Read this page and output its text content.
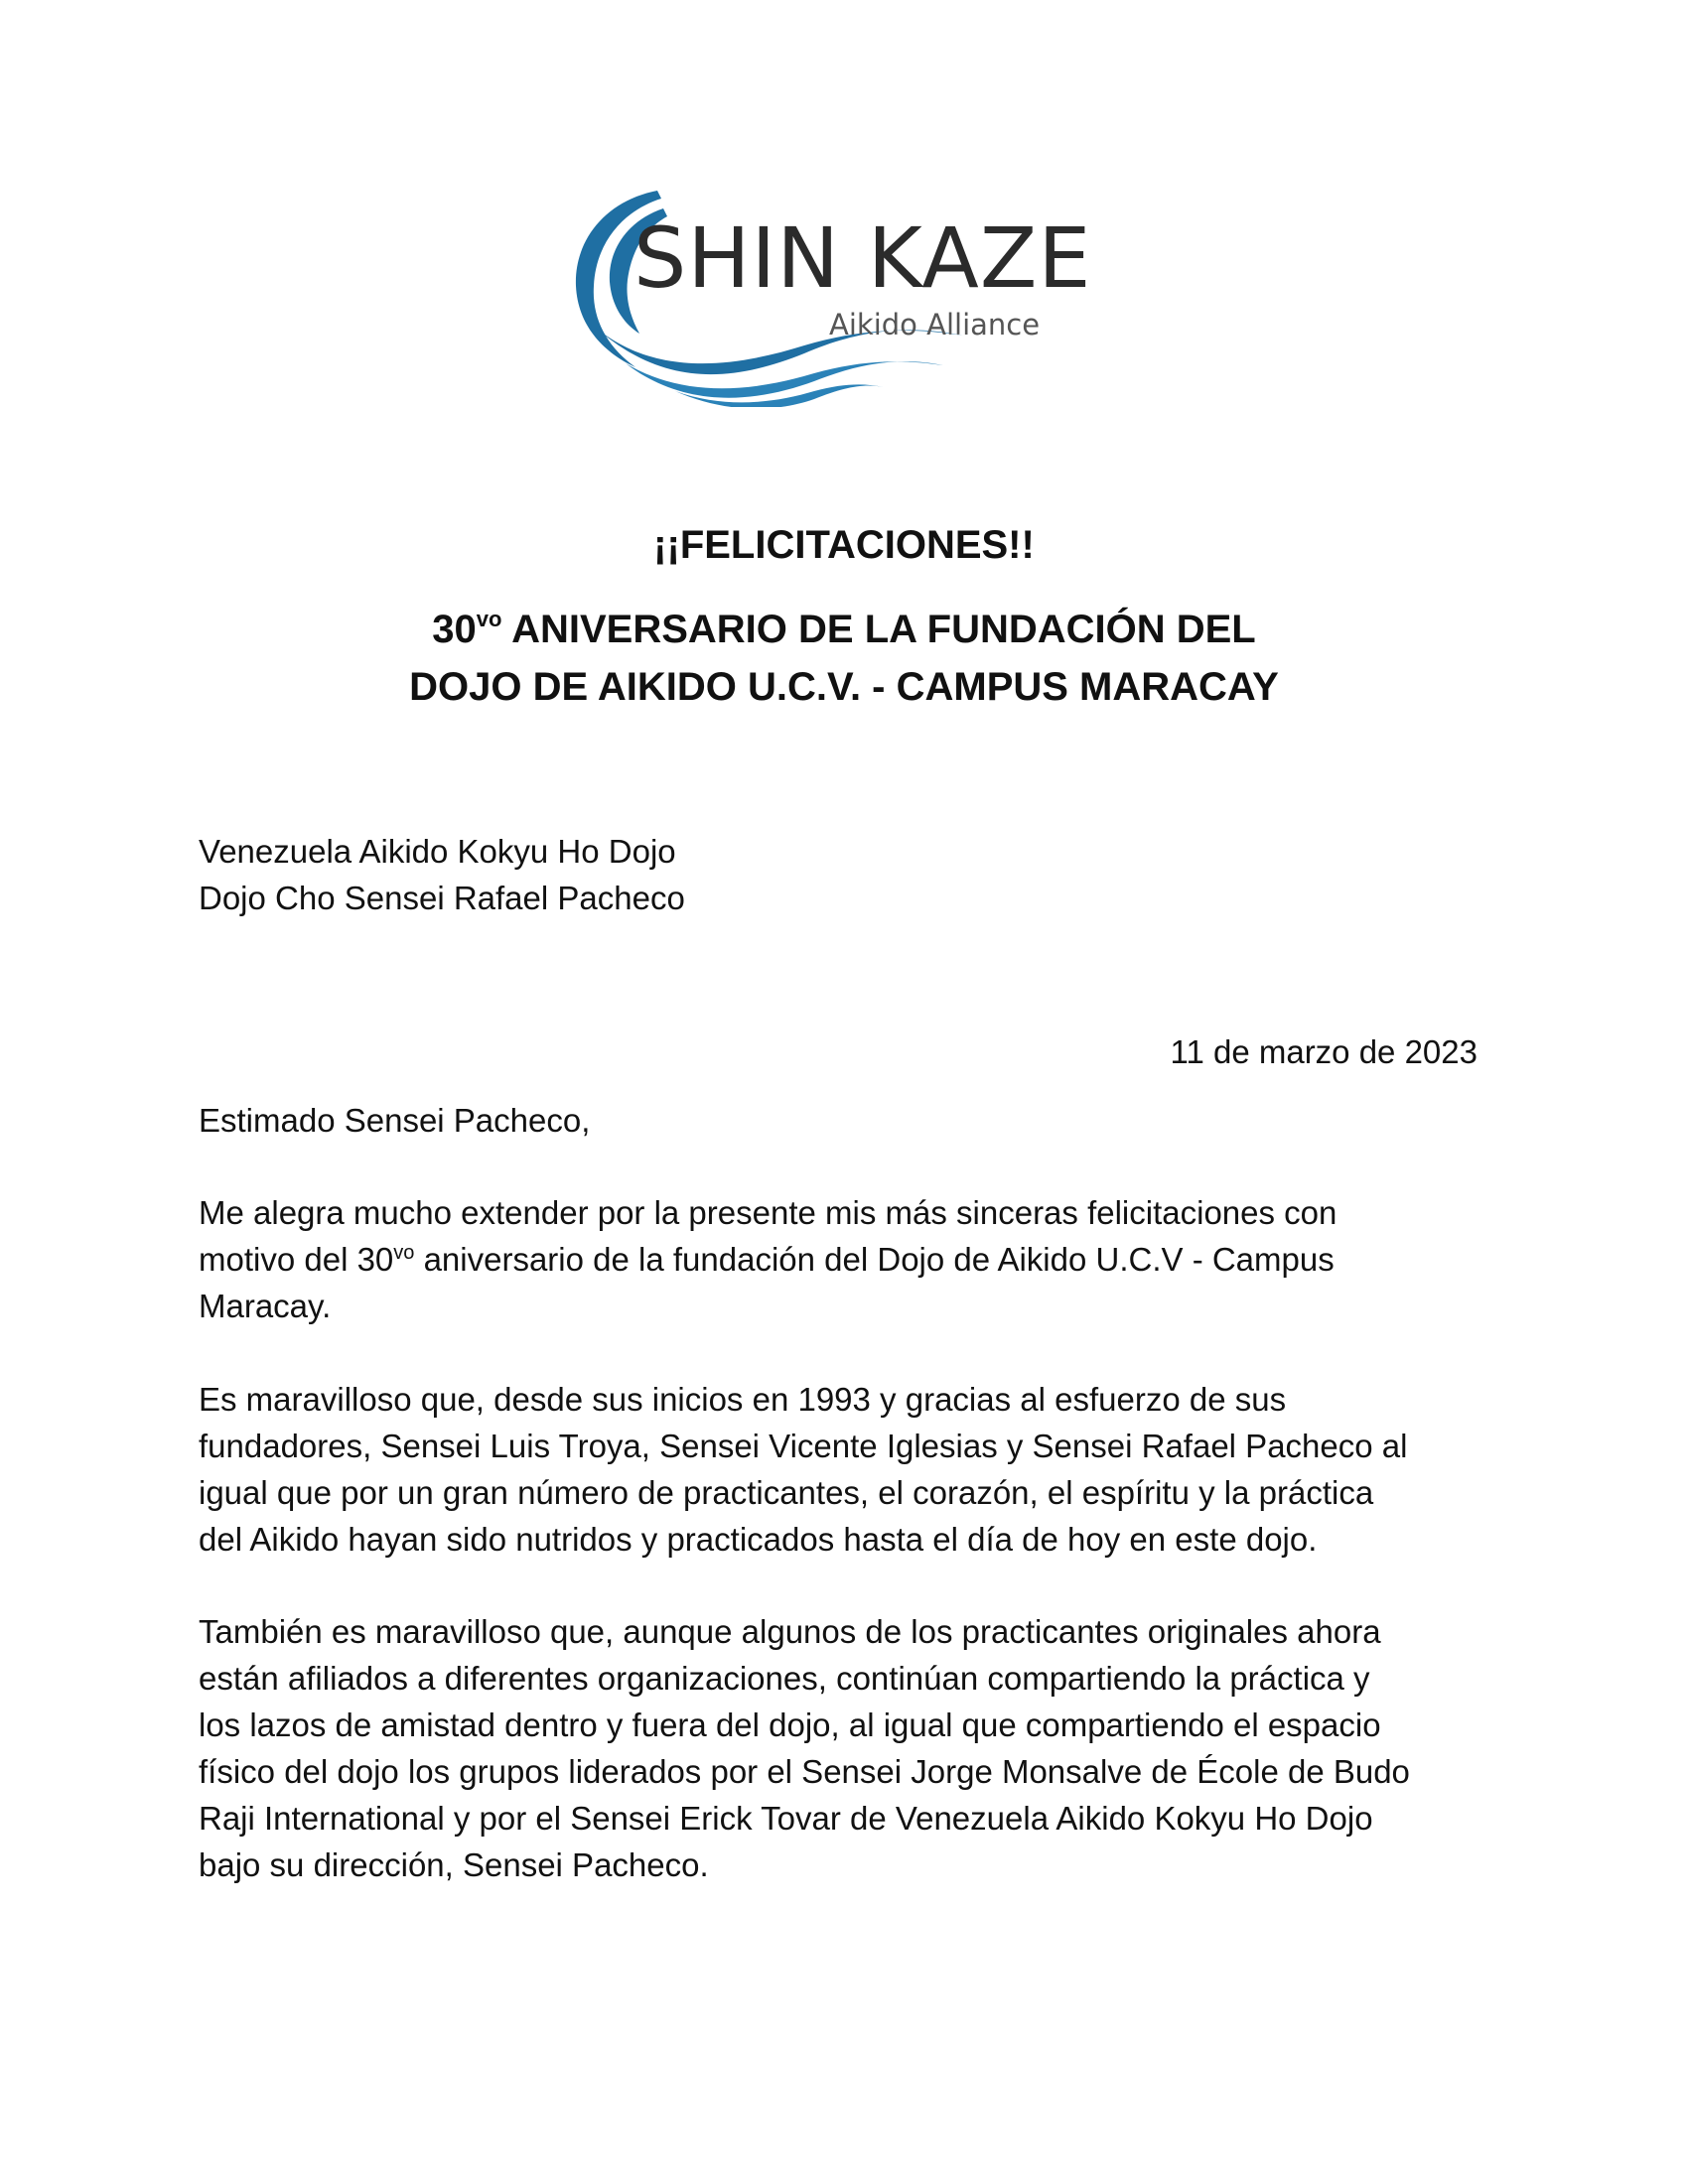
SHIN KAZE
Aikido Alliance
¡¡FELICITACIONES!!
$30^{vo}$ ANIVERSARIO DE LA FUNDACIÓN DEL
DOJO DE AIKIDO U.C.V. - CAMPUS MARACAY
Venezuela Aikido Kokyu Ho Dojo
Dojo Cho Sensei Rafael Pacheco
11 de marzo de 2023
Estimado Sensei Pacheco,
Me alegra mucho extender por la presente mis más sinceras felicitaciones con
motivo del $30^{vo}$ aniversario de la fundación del Dojo de Aikido U.C.V - Campus
Maracay.
Es maravilloso que, desde sus inicios en 1993 y gracias al esfuerzo de sus
fundadores, Sensei Luis Troya, Sensei Vicente Iglesias y Sensei Rafael Pacheco al
igual que por un gran número de practicantes, el corazón, el espíritu y la práctica
del Aikido hayan sido nutridos y practicados hasta el día de hoy en este dojo.
También es maravilloso que, aunque algunos de los practicantes originales ahora
están afiliados a diferentes organizaciones, continúan compartiendo la práctica y
los lazos de amistad dentro y fuera del dojo, al igual que compartiendo el espacio
físico del dojo los grupos liderados por el Sensei Jorge Monsalve de École de Budo
Raji International y por el Sensei Erick Tovar de Venezuela Aikido Kokyu Ho Dojo
bajo su dirección, Sensei Pacheco.
